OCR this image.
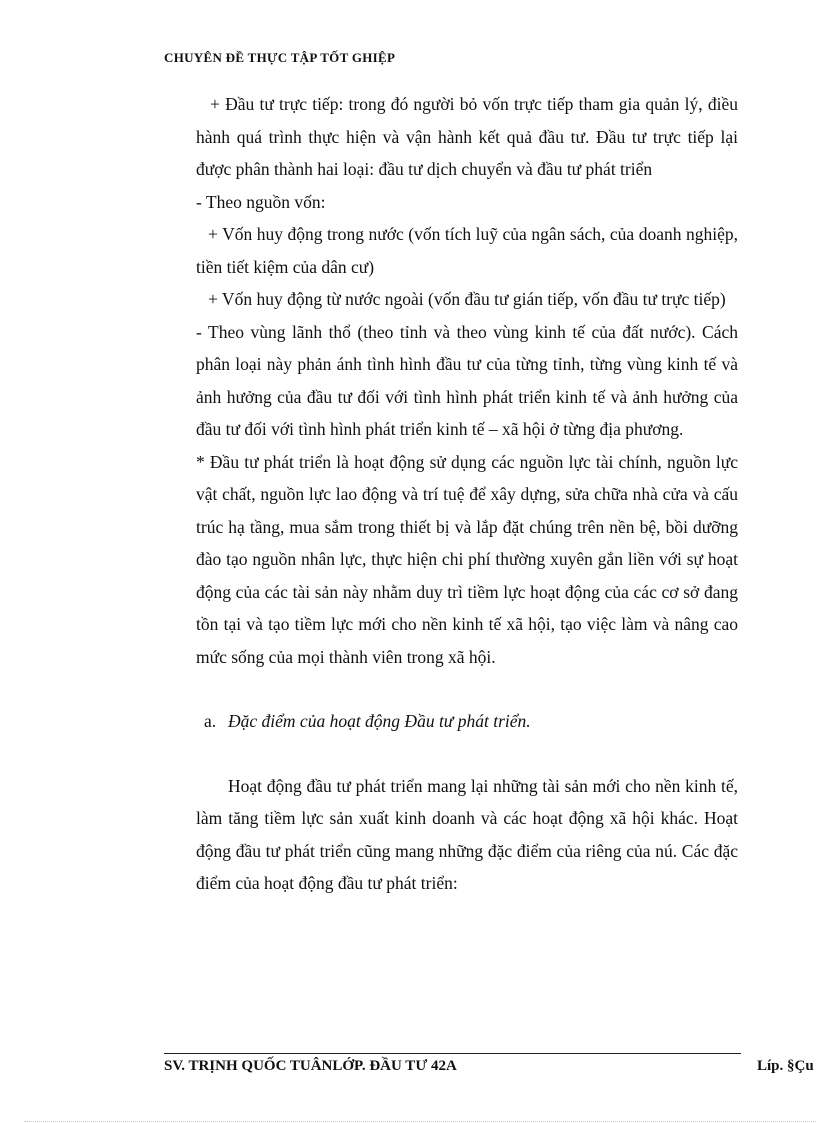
CHUYÊN ĐỀ THỰC TẬP TỐT GHIỆP
+ Đầu tư trực tiếp: trong đó người bỏ vốn trực tiếp tham gia quản lý, điều hành quá trình thực hiện và vận hành kết quả đầu tư. Đầu tư trực tiếp lại được phân thành hai loại: đầu tư dịch chuyển và đầu tư phát triển
- Theo nguồn vốn:
+ Vốn huy động trong nước (vốn tích luỹ của ngân sách, của doanh nghiệp, tiền tiết kiệm của dân cư)
+ Vốn huy động từ nước ngoài (vốn đầu tư gián tiếp, vốn đầu tư trực tiếp)
- Theo vùng lãnh thổ (theo tỉnh và theo vùng kinh tế của đất nước). Cách phân loại này phản ánh tình hình đầu tư của từng tỉnh, từng vùng kinh tế và ảnh hưởng của đầu tư đối với tình hình phát triển kinh tế và ảnh hưởng của đầu tư đối với tình hình phát triển kinh tế – xã hội ở từng địa phương.
* Đầu tư phát triển là hoạt động sử dụng các nguồn lực tài chính, nguồn lực vật chất, nguồn lực lao động và trí tuệ để xây dựng, sửa chữa nhà cửa và cấu trúc hạ tầng, mua sắm trong thiết bị và lắp đặt chúng trên nền bệ, bồi dưỡng đào tạo nguồn nhân lực, thực hiện chi phí thường xuyên gắn liền với sự hoạt động của các tài sản này nhằm duy trì tiềm lực hoạt động của các cơ sở đang tồn tại và tạo tiềm lực mới cho nền kinh tế xã hội, tạo việc làm và nâng cao mức sống của mọi thành viên trong xã hội.
a. Đặc điểm của hoạt động Đầu tư phát triển.
Hoạt động đầu tư phát triển mang lại những tài sản mới cho nền kinh tế, làm tăng tiềm lực sản xuất kinh doanh và các hoạt động xã hội khác. Hoạt động đầu tư phát triển cũng mang những đặc điểm của riêng của nú. Các đặc điểm của hoạt động đầu tư phát triển:
SV. TRỊNH QUỐC TUÂNLỚP. ĐẦU TƯ 42A	Líp. §Çu
